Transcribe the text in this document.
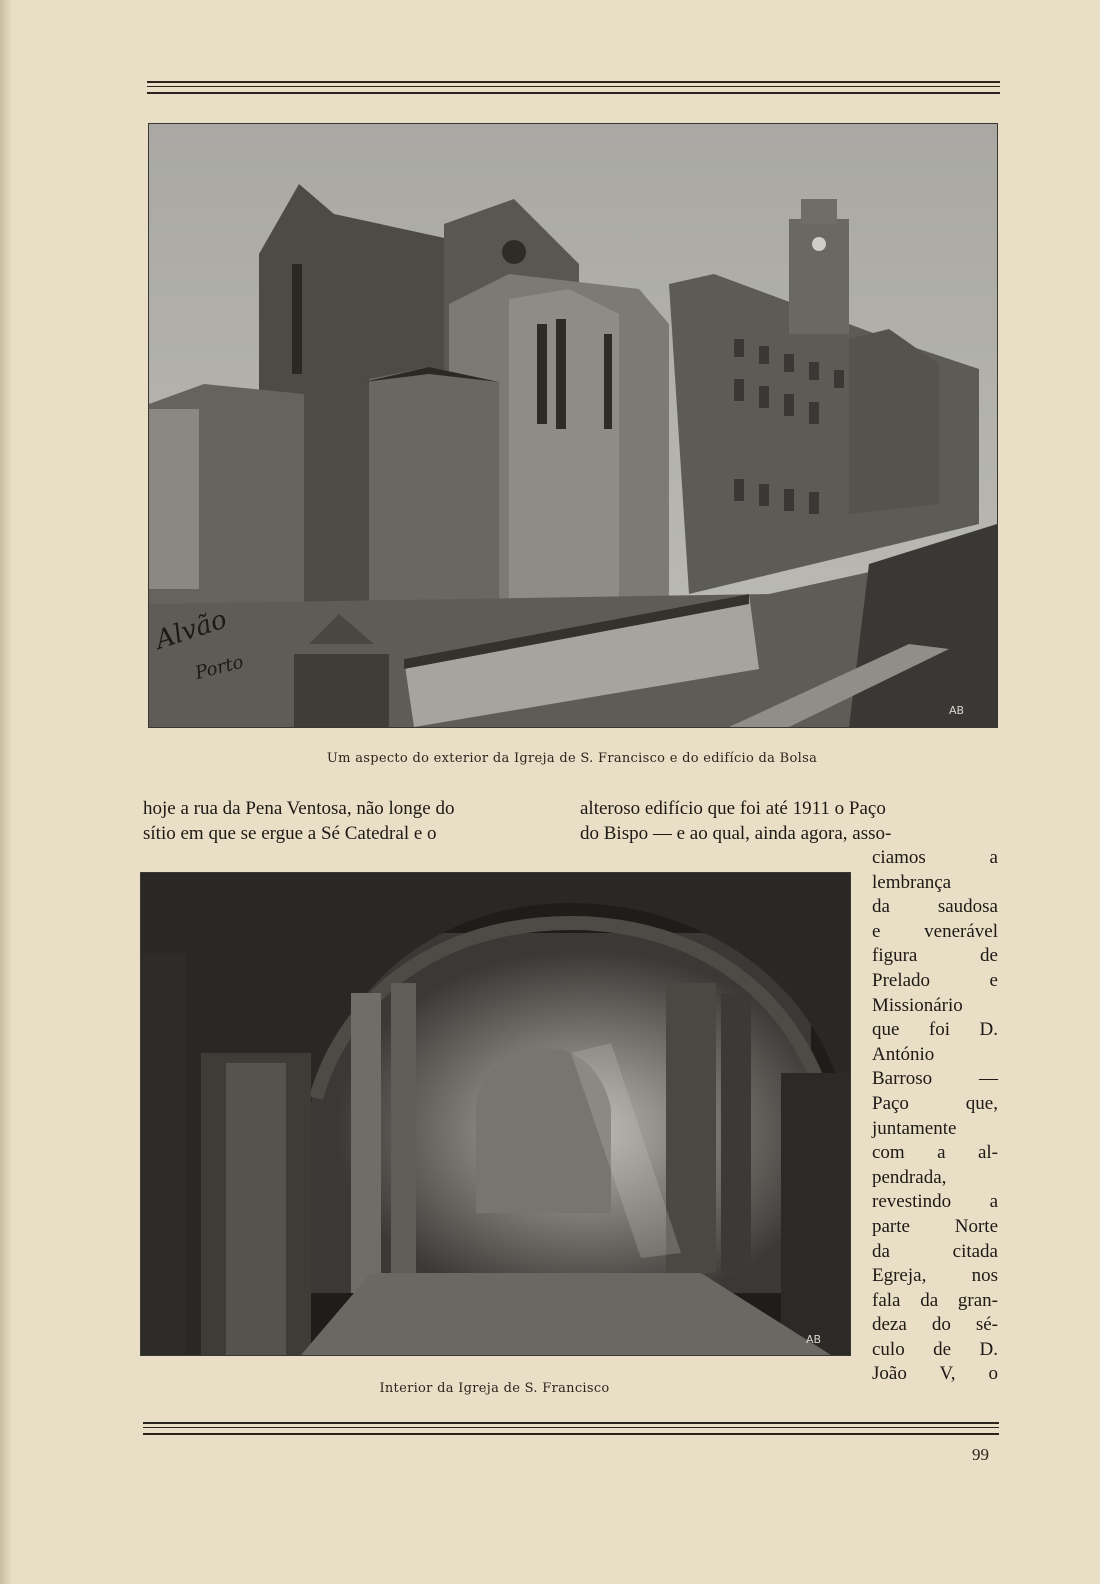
Alvão
Porto
AB
Um aspecto do exterior da Igreja de S. Francisco e do edifício da Bolsa
hoje a rua da Pena Ventosa, não longe do
sítio em que se ergue a Sé Catedral e o
alteroso edifício que foi até 1911 o Paço
do Bispo — e ao qual, ainda agora, asso-
AB
Interior da Igreja de S. Francisco
ciamos a
lembrança
da saudosa
e venerável
figura de
Prelado e
Missionário
que foi D.
António
Barroso —
Paço que,
juntamente
com a al-
pendrada,
revestindo a
parte Norte
da citada
Egreja, nos
fala da gran-
deza do sé-
culo de D.
João V, o
99
